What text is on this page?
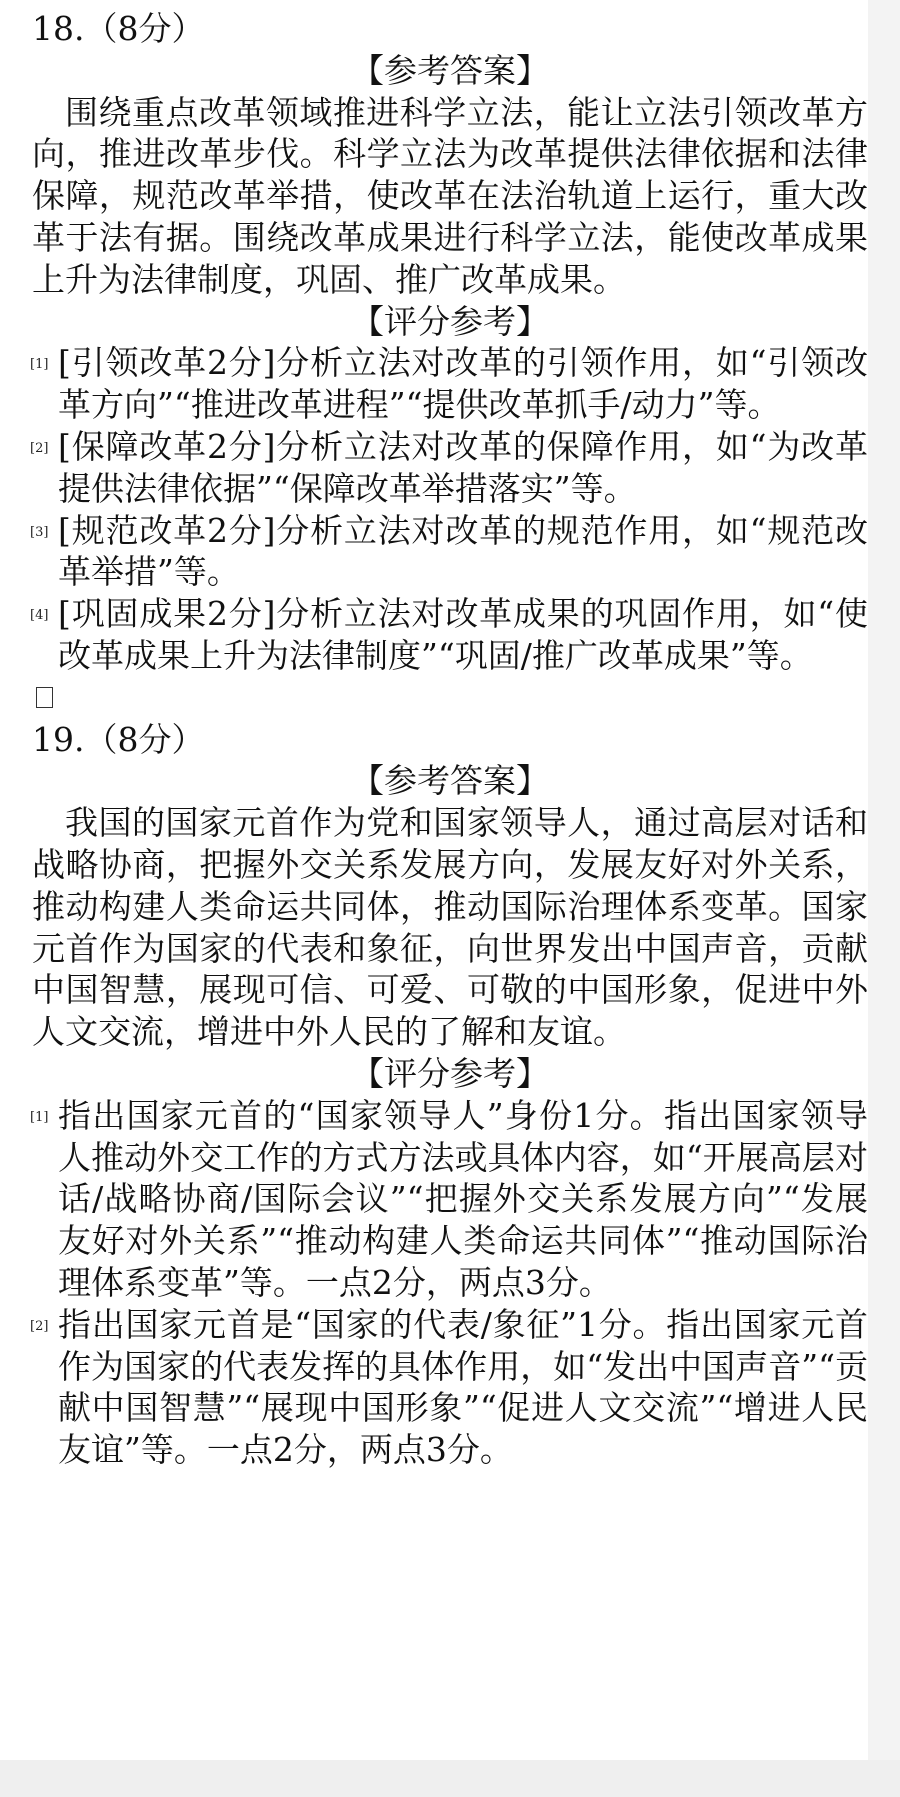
18.（8分）

【参考答案】

围绕重点改革领域推进科学立法，能让立法引领改革方向，推进改革步伐。科学立法为改革提供法律依据和法律保障，规范改革举措，使改革在法治轨道上运行，重大改革于法有据。围绕改革成果进行科学立法，能使改革成果上升为法律制度，巩固、推广改革成果。

【评分参考】

[1] [引领改革2分]分析立法对改革的引领作用，如“引领改革方向”“推进改革进程”“提供改革抓手/动力”等。
[2] [保障改革2分]分析立法对改革的保障作用，如“为改革提供法律依据”“保障改革举措落实”等。
[3] [规范改革2分]分析立法对改革的规范作用，如“规范改革举措”等。
[4] [巩固成果2分]分析立法对改革成果的巩固作用，如“使改革成果上升为法律制度”“巩固/推广改革成果”等。

19.（8分）

【参考答案】

我国的国家元首作为党和国家领导人，通过高层对话和战略协商，把握外交关系发展方向，发展友好对外关系，推动构建人类命运共同体，推动国际治理体系变革。国家元首作为国家的代表和象征，向世界发出中国声音，贡献中国智慧，展现可信、可爱、可敬的中国形象，促进中外人文交流，增进中外人民的了解和友谊。

【评分参考】

[1] 指出国家元首的“国家领导人”身份1分。指出国家领导人推动外交工作的方式方法或具体内容，如“开展高层对话/战略协商/国际会议”“把握外交关系发展方向”“发展友好对外关系”“推动构建人类命运共同体”“推动国际治理体系变革”等。一点2分，两点3分。
[2] 指出国家元首是“国家的代表/象征”1分。指出国家元首作为国家的代表发挥的具体作用，如“发出中国声音”“贡献中国智慧”“展现中国形象”“促进人文交流”“增进人民友谊”等。一点2分，两点3分。
